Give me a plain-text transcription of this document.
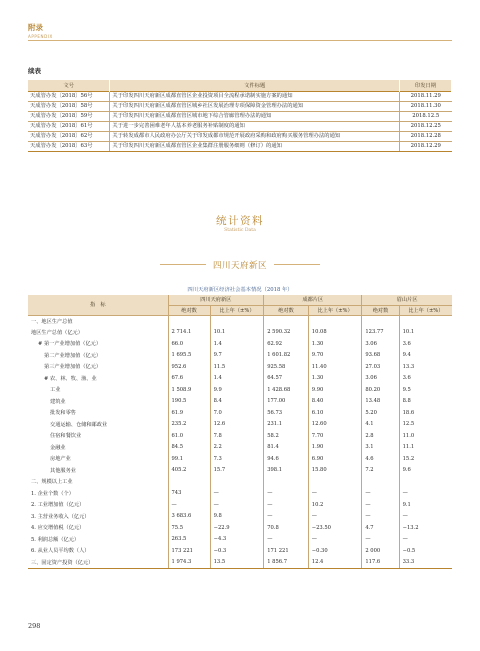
附录
APPENDIX
续表
文号	文件标题	印发日期
天成管办发〔2018〕56号	关于印发四川天府新区成都直管区企业投资项目全流程承诺制实施方案的通知	2018.11.29
天成管办发〔2018〕58号	关于印发四川天府新区成都直管区城乡社区发展治理专项保障资金管理办法的通知	2018.11.30
天成管办发〔2018〕59号	关于印发四川天府新区成都直管区城市地下综合管廊管理办法的通知	2018.12.5
天成管办发〔2018〕61号	关于进一步完善困难老年人基本养老服务补贴制度的通知	2018.12.25
天成管办发〔2018〕62号	关于转发成都市人民政府办公厅关于印发成都市规范开展政府采购和政府购买服务管理办法的通知	2018.12.28
天成管办发〔2018〕63号	关于印发四川天府新区成都直管区企业集群注册服务细则（修订）的通知	2018.12.29
统计资料
Statistic Data
四川天府新区
四川天府新区经济社会基本情况（2018 年）
指　标	四川天府新区		成都片区		眉山片区	
	绝对数	比上年（±%）	绝对数	比上年（±%）	绝对数	比上年（±%）
一、地区生产总值						
地区生产总值（亿元）	2 714.1	10.1	2 590.32	10.08	123.77	10.1
# 第一产业增加值（亿元）	66.0	1.4	62.92	1.30	3.06	3.6
第二产业增加值（亿元）	1 695.5	9.7	1 601.82	9.70	93.68	9.4
第三产业增加值（亿元）	952.6	11.5	925.58	11.40	27.03	13.3
# 农、林、牧、渔、业	67.6	1.4	64.57	1.30	3.06	3.6
工业	1 508.9	9.9	1 428.68	9.90	80.20	9.5
建筑业	190.5	8.4	177.00	8.40	13.48	8.8
批发和零售	61.9	7.0	56.73	6.10	5.20	18.6
交通运输、仓储和邮政业	235.2	12.6	231.1	12.60	4.1	12.5
住宿和餐饮业	61.0	7.8	58.2	7.70	2.8	11.0
金融业	84.5	2.2	81.4	1.90	3.1	11.1
房地产业	99.1	7.3	94.6	6.90	4.6	15.2
其他服务业	405.2	15.7	398.1	15.80	7.2	9.6
二、规模以上工业						
1. 企业个数（个）	743	—	—	—	—	—
2. 工业增加值（亿元）	—	—	—	10.2	—	9.1
3. 主营业务收入（亿元）	3 683.6	9.8	—	—	—	—
4. 应交增值税（亿元）	75.5	−22.9	70.8	−23.50	4.7	−13.2
5. 利润总额（亿元）	263.5	−4.3	—	—	—	—
6. 从业人员平均数（人）	173 221	−0.3	171 221	−0.30	2 000	−0.5
三、固定资产投资（亿元）	1 974.3	13.5	1 856.7	12.4	117.6	33.3
298
